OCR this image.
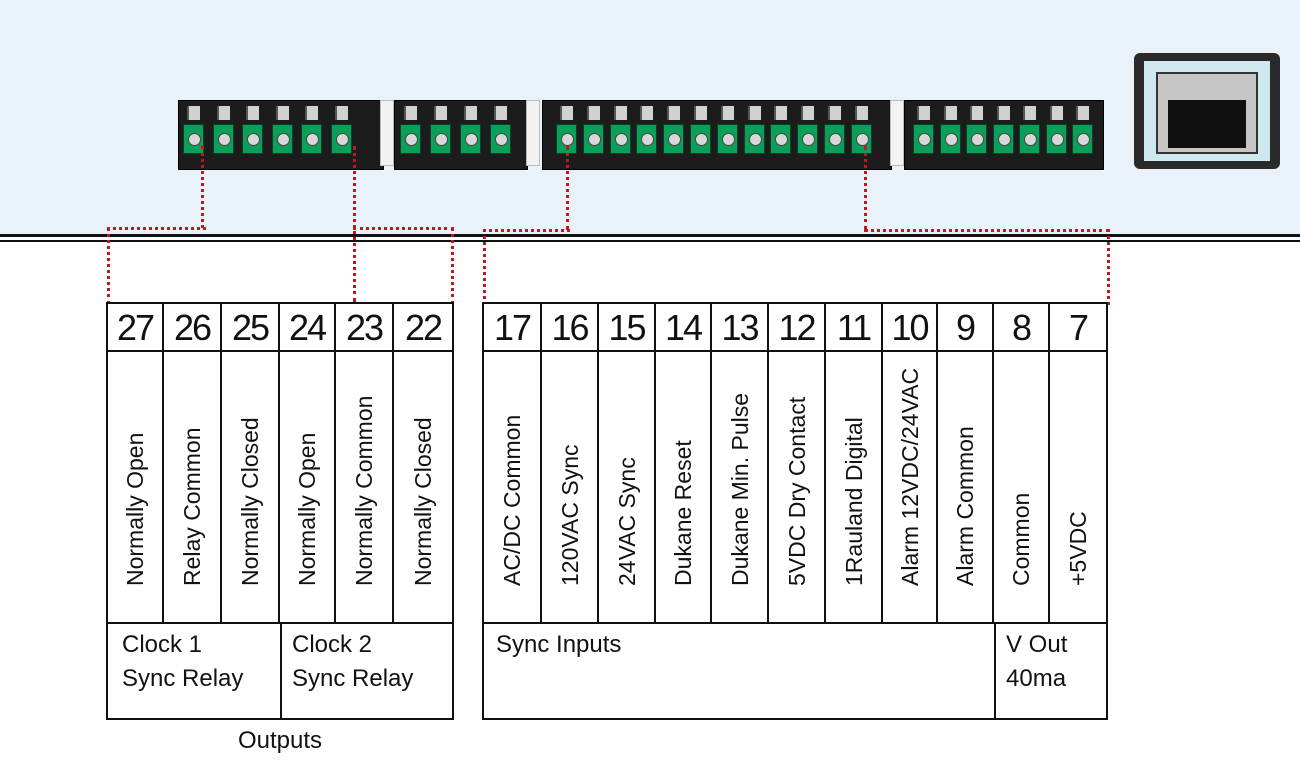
27
Normally Open
26
Relay Common
25
Normally Closed
24
Normally Open
23
Normally Common
22
Normally Closed
Clock 1
Sync Relay
Clock 2
Sync Relay
Outputs
17
AC/DC Common
16
120VAC Sync
15
24VAC Sync
14
Dukane Reset
13
Dukane Min. Pulse
12
5VDC Dry Contact
11
1Rauland Digital
10
Alarm 12VDC/24VAC
9
Alarm Common
8
Common
7
+5VDC
Sync Inputs	V Out
40ma
